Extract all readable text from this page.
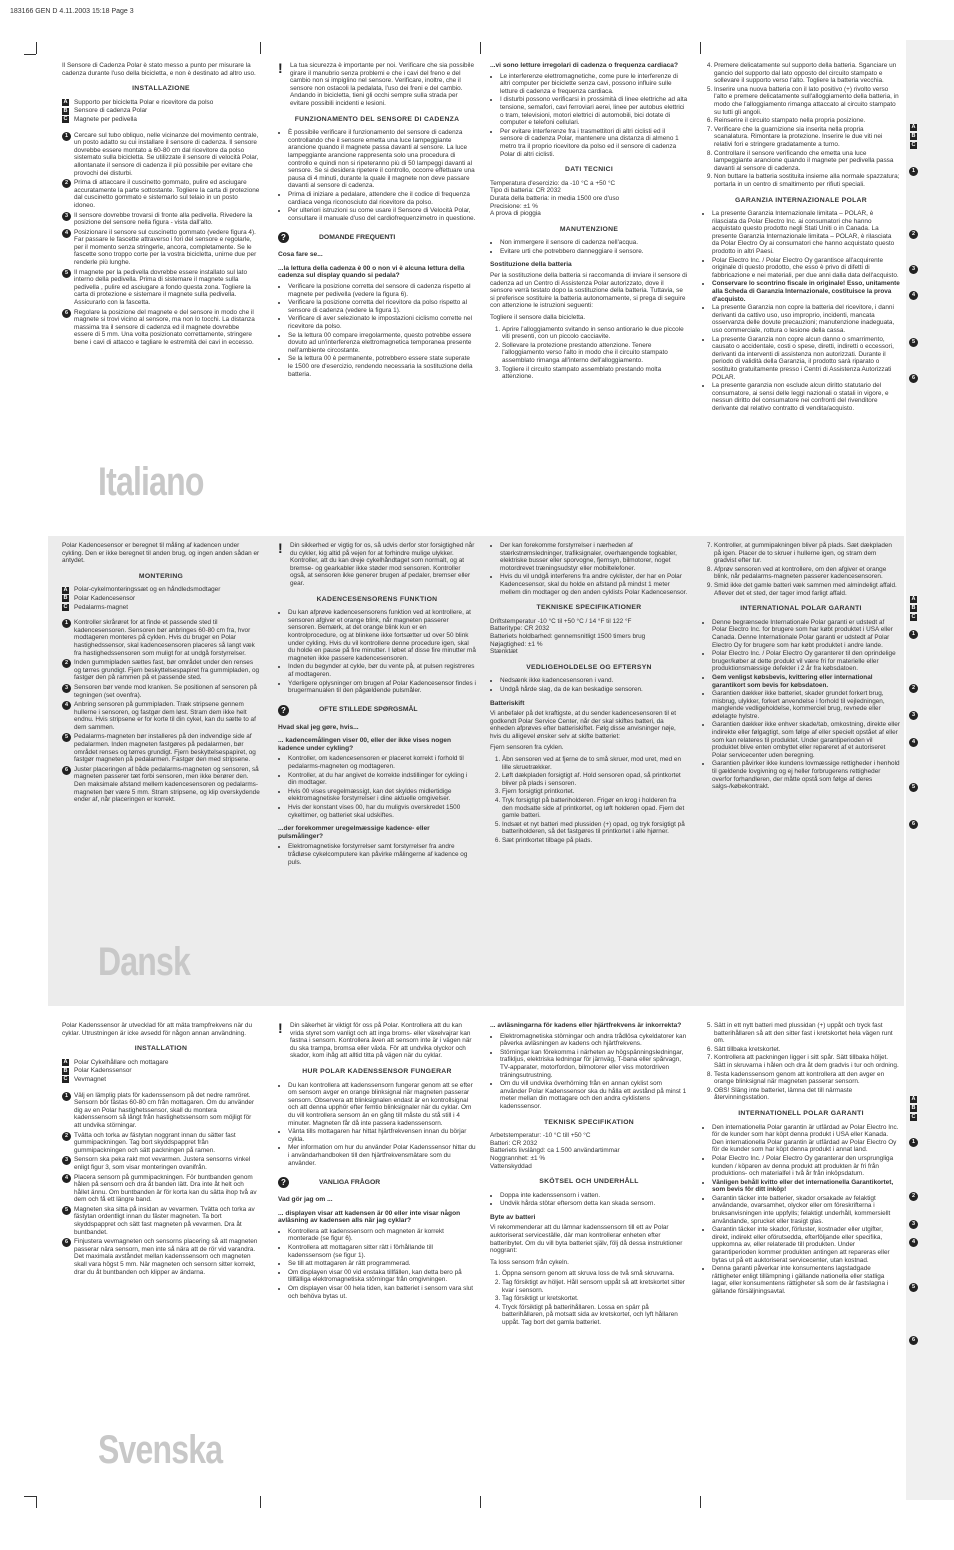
183166 GEN D 4.11.2003 15:18 Page 3

Il Sensore di Cadenza Polar è stato messo a punto per misurare la cadenza durante l'uso della bicicletta, e non è destinato ad altro uso.

INSTALLAZIONE
A Supporto per bicicletta Polar e ricevitore da polso
B Sensore di cadenza Polar
C Magnete per pedivella
1 Cercare sul tubo obliquo, nelle vicinanze del movimento centrale, un posto adatto su cui installare il sensore di cadenza. Il sensore dovrebbe essere montato a 60-80 cm dal ricevitore da polso sistemato sulla bicicletta. Se utilizzate il sensore di velocità Polar, allontanate il sensore di cadenza il più possibile per evitare che provochi dei disturbi.
2 Prima di attaccare il cuscinetto gommato, pulire ed asciugare accuratamente la parte sottostante. Togliere la carta di protezione dal cuscinetto gommato e sistemarlo sul telaio in un posto idoneo.
3 Il sensore dovrebbe trovarsi di fronte alla pedivella. Rivedere la posizione del sensore nella figura - vista dall'alto.
4 Posizionare il sensore sul cuscinetto gommato (vedere figura 4). Far passare le fascette attraverso i fori del sensore e regolarle, per il momento senza stringerle, ancora, completamente. Se le fascette sono troppo corte per la vostra bicicletta, unirne due per renderle più lunghe.
5 Il magnete per la pedivella dovrebbe essere installato sul lato interno della pedivella. Prima di sistemare il magnete sulla pedivella , pulire ed asciugare a fondo questa zona. Togliere la carta di protezione e sistemare il magnete sulla pedivella. Assicurarlo con la fascetta.
6 Regolare la posizione del magnete e del sensore in modo che il magnete si trovi vicino al sensore, ma non lo tocchi. La distanza massima tra il sensore di cadenza ed il magnete dovrebbe essere di 5 mm. Una volta posizionato correttamente, stringere bene i cavi di attacco e tagliare le estremità dei cavi in eccesso.
! La tua sicurezza è importante per noi. Verificare che sia possibile girare il manubrio senza problemi e che i cavi del freno e del cambio non si impiglino nel sensore. Verificare, inoltre, che il sensore non ostacoli la pedalata, l'uso dei freni e del cambio. Andando in bicicletta, tieni gli occhi sempre sulla strada per evitare possibili incidenti e lesioni.
FUNZIONAMENTO DEL SENSORE DI CADENZA
• È possibile verificare il funzionamento del sensore di cadenza controllando che il sensore emetta una luce lampeggiante arancione quando il magnete passa davanti al sensore. La luce lampeggiante arancione rappresenta solo una procedura di controllo e quindi non si ripeteranno più di 50 lampeggi davanti al sensore. Se si desidera ripetere il controllo, occorre effettuare una pausa di 4 minuti, durante la quale il magnete non deve passare davanti al sensore di cadenza.
• Prima di iniziare a pedalare, attendere che il codice di frequenza cardiaca venga riconosciuto dal ricevitore da polso.
• Per ulteriori istruzioni su come usare il Sensore di Velocità Polar, consultare il manuale d'uso del cardiofrequenzimetro in questione.
?	DOMANDE FREQUENTI
Cosa fare se...
...la lettura della cadenza è 00 o non vi è alcuna lettura della cadenza sul display quando si pedala?
• Verificare la posizione corretta del sensore di cadenza rispetto al magnete per pedivella (vedere la figura 6).
• Verificare la posizione corretta del ricevitore da polso rispetto al sensore di cadenza (vedere la figura 1).
• Verificare di aver selezionato le impostazioni ciclismo corrette nel ricevitore da polso.
• Se la lettura 00 compare irregolarmente, questo potrebbe essere dovuto ad un'interferenza elettromagnetica temporanea presente nell'ambiente circostante.
• Se la lettura 00 è permanente, potrebbero essere state superate le 1500 ore d'esercizio, rendendo necessaria la sostituzione della batteria.
...vi sono letture irregolari di cadenza o frequenza cardiaca?
• Le interferenze elettromagnetiche, come pure le interferenze di altri computer per biciclette senza cavi, possono influire sulle letture di cadenza e frequenza cardiaca.
• I disturbi possono verificarsi in prossimità di linee elettriche ad alta tensione, semafori, cavi ferroviari aerei, linee per autobus elettrici o tram, televisioni, motori elettrici di automobili, bici dotate di computer e telefoni cellulari.
• Per evitare interferenze fra i trasmettitori di altri ciclisti ed il sensore di cadenza Polar, mantenere una distanza di almeno 1 metro tra il proprio ricevitore da polso ed il sensore di cadenza Polar di altri ciclisti.
DATI TECNICI
Temperatura d'esercizio: da -10 °C a +50 °C
Tipo di batteria: CR 2032
Durata della batteria: in media 1500 ore d'uso
Precisione: ±1 %
A prova di pioggia
MANUTENZIONE
• Non immergere il sensore di cadenza nell'acqua.
• Evitare urti che potrebbero danneggiare il sensore.
Sostituzione della batteria

Per la sostituzione della batteria si raccomanda di inviare il sensore di cadenza ad un Centro di Assistenza Polar autorizzato, dove il sensore verrà testato dopo la sostituzione della batteria. Tuttavia, se si preferisce sostituire la batteria autonomamente, si prega di seguire con attenzione le istruzioni seguenti:

Togliere il sensore dalla bicicletta.

1. Aprire l'alloggiamento svitando in senso antiorario le due piccole viti presenti, con un piccolo cacciavite.
2. Sollevare la protezione prestando attenzione. Tenere l'alloggiamento verso l'alto in modo che il circuito stampato assemblato rimanga all'interno dell'alloggiamento.
3. Togliere il circuito stampato assemblato prestando molta attenzione.
4. Premere delicatamente sul supporto della batteria. Sganciare un gancio del supporto dal lato opposto del circuito stampato e sollevare il supporto verso l'alto. Togliere la batteria vecchia.
5. Inserire una nuova batteria con il lato positivo (+) rivolto verso l'alto e premere delicatamente sull'alloggiamento della batteria, in modo che l'alloggiamento rimanga attaccato al circuito stampato su tutti gli angoli.
6. Reinserire il circuito stampato nella propria posizione.
7. Verificare che la guarnizione sia inserita nella propria scanalatura. Rimontare la protezione. Inserire le due viti nei relativi fori e stringere gradatamente a turno.
8. Controllare il sensore verificando che emetta una luce lampeggiante arancione quando il magnete per pedivella passa davanti al sensore di cadenza.
9. Non buttare la batteria sostituita insieme alla normale spazzatura; portarla in un centro di smaltimento per rifiuti speciali.
GARANZIA INTERNAZIONALE POLAR
• La presente Garanzia Internazionale limitata – POLAR, è rilasciata da Polar Electro Inc. ai consumatori che hanno acquistato questo prodotto negli Stati Uniti o in Canada. La presente Garanzia Internazionale limitata – POLAR, è rilasciata da Polar Electro Oy ai consumatori che hanno acquistato questo prodotto in altri Paesi.
• Polar Electro Inc. / Polar Electro Oy garantisce all'acquirente originale di questo prodotto, che esso è privo di difetti di fabbricazione e nei materiali, per due anni dalla data dell'acquisto.
• Conservare lo scontrino fiscale in originale! Esso, unitamente alla Scheda di Garanzia Internazionale, costituisce la prova d'acquisto.
• La presente Garanzia non copre la batteria del ricevitore, i danni derivanti da cattivo uso, uso improprio, incidenti, mancata osservanza delle dovute precauzioni; manutenzione inadeguata, uso commerciale, rottura o lesione della cassa.
• La presente Garanzia non copre alcun danno o smarrimento, causato o accidentale, costi o spese, diretti, indiretti o eccessori, derivanti da interventi di assistenza non autorizzati. Durante il periodo di validità della Garanzia, il prodotto sarà riparato o sostituito gratuitamente presso i Centri di Assistenza Autorizzati POLAR.
• La presente garanzia non esclude alcun diritto statutario del consumatore, ai sensi delle leggi nazionali o statali in vigore, e nessun diritto del consumatore nei confronti del rivenditore derivante dal relativo contratto di vendita/acquisto.
Italiano

Polar Kadencesensor er beregnet til måling af kadencen under cykling. Den er ikke beregnet til anden brug, og ingen anden sådan er antydet.

MONTERING
A Polar-cykelmonteringssæt og en håndledsmodtager
B Polar Kadencesensor
C Pedalarms-magnet
1 Kontroller skrårøret for at finde et passende sted til kadencesensoren. Sensoren bør anbringes 60-80 cm fra, hvor modtageren monteres på cyklen. Hvis du bruger en Polar hastighedssensor, skal kadencesensoren placeres så langt væk fra hastighedssensoren som muligt for at undgå forstyrrelser.
2 Inden gummipladen sættes fast, bør området under den renses og tørres grundigt. Fjern beskyttelsespapiret fra gummipladen, og fastgør den på rammen på et passende sted.
3 Sensoren bør vende mod kranken. Se positionen af sensoren på tegningen (set ovenfra).
4 Anbring sensoren på gummipladen. Træk stripsene gennem hullerne i sensoren, og fastgør dem løst. Stram dem ikke helt endnu. Hvis stripsene er for korte til din cykel, kan du sætte to af dem sammen.
5 Pedalarms-magneten bør installeres på den indvendige side af pedalarmen. Inden magneten fastgøres på pedalarmen, bør området renses og tørres grundigt. Fjern beskyttelsespapiret, og fastgør magneten på pedalarmen. Fastgør den med stripsene.
6 Juster placeringen af både pedalarms-magneten og sensoren, så magneten passerer tæt forbi sensoren, men ikke berører den. Den maksimale afstand mellem kadencesensoren og pedalarms-magneten bør være 5 mm. Stram stripsene, og klip overskydende ender af, når placeringen er korrekt.
! Din sikkerhed er vigtig for os, så udvis derfor stor forsigtighed når du cykler, kig altid på vejen for at forhindre mulige ulykker. Kontroller, att du kan dreje cykelhåndtaget som normalt, og at bremse- og gearkabler ikke støder mod sensoren. Kontroller også, at sensoren ikke generer brugen af pedaler, bremser eller gear.
KADENCESENSORENS FUNKTION
• Du kan afprøve kadencesensorens funktion ved at kontrollere, at sensoren afgiver et orange blink, når magneten passerer sensoren. Bemærk, at det orange blink kun er en kontrolprocedure, og at blinkene ikke fortsætter ud over 50 blink under cykling. Hvis du vil kontrollere denne procedure igen, skal du holde en pause på fire minutter. I løbet af disse fire minutter må magneten ikke passere kadencesensoren.
• Inden du begynder at cykle, bør du vente på, at pulsen registreres af modtageren.
• Yderligere oplysninger om brugen af Polar Kadencesensor findes i brugermanualen til den pågældende pulsmåler.
?	OFTE STILLEDE SPØRGSMÅL
Hvad skal jeg gøre, hvis...
... kadencemålingen viser 00, eller der ikke vises nogen kadence under cykling?
• Kontroller, om kadencesensoren er placeret korrekt i forhold til pedalarms-magneten og modtageren.
• Kontroller, at du har angivet de korrekte indstillinger for cykling i din modtager.
• Hvis 00 vises uregelmæssigt, kan det skyldes midlertidige elektromagnetiske forstyrrelser i dine aktuelle omgivelser.
• Hvis der konstant vises 00, har du muligvis overskredet 1500 cykeltimer, og batteriet skal udskiftes.
...der forekommer uregelmæssige kadence- eller pulsmålinger?
• Elektromagnetiske forstyrrelser samt forstyrrelser fra andre trådløse cykelcomputere kan påvirke målingerne af kadence og puls.
• Der kan forekomme forstyrrelser i nærheden af stærkstrømsledninger, trafiksignaler, overhængende togkabler, elektriske busser eller sporvogne, fjernsyn, bilmotorer, noget motordrevet træningsudstyr eller mobiltelefoner.
• Hvis du vil undgå interferens fra andre cyklister, der har en Polar Kadencesensor, skal du holde en afstand på mindst 1 meter mellem din modtager og den anden cyklists Polar Kadencesensor.
TEKNISKE SPECIFIKATIONER
Driftstemperatur -10 °C til +50 °C / 14 °F til 122 °F
Batteritype: CR 2032
Batteriets holdbarhed: gennemsnitligt 1500 timers brug
Nøjagtighed: ±1 %
Stænktæt
VEDLIGEHOLDELSE OG EFTERSYN
• Nedsænk ikke kadencesensoren i vand.
• Undgå hårde slag, da de kan beskadige sensoren.
Batteriskift

Vi anbefaler på det kraftigste, at du sender kadencesensoren til et godkendt Polar Service Center, når der skal skiftes batteri, da enheden afprøves efter batteriskiftet. Følg disse anvisninger nøje, hvis du alligevel ønsker selv at skifte batteriet:

Fjern sensoren fra cyklen.

1. Åbn sensoren ved at fjerne de to små skruer, mod uret, med en lille skruetrækker.
2. Løft dækpladen forsigtigt af. Hold sensoren opad, så printkortet bliver på plads i sensoren.
3. Fjern forsigtigt printkortet.
4. Tryk forsigtigt på batteriholderen. Frigør en krog i holderen fra den modsatte side af printkortet, og løft holderen opad. Fjern det gamle batteri.
5. Indsæt et nyt batteri med plussiden (+) opad, og tryk forsigtigt på batteriholderen, så det fastgøres til printkortet i alle hjørner.
6. Sæt printkortet tilbage på plads.
7. Kontroller, at gummipakningen bliver på plads. Sæt dækpladen på igen. Placer de to skruer i hullerne igen, og stram dem gradvist efter tur.
8. Afprøv sensoren ved at kontrollere, om den afgiver et orange blink, når pedalarms-magneten passerer kadencesensoren.
9. Smid ikke det gamle batteri væk sammen med almindeligt affald. Aflever det et sted, der tager imod farligt affald.
INTERNATIONAL POLAR GARANTI
• Denne begrænsede Internationale Polar garanti er udstedt af Polar Electro Inc. for brugere som har købt produktet i USA eller Canada. Denne Internationale Polar garanti er udstedt af Polar Electro Oy for brugere som har købt produktet i andre lande.
• Polar Electro Inc. / Polar Electro Oy garanterer til den oprindelige bruger/køber at dette produkt vil være fri for materielle eller produktionsmæssige defekter i 2 år fra købsdatoen.
• Gem venligst købsbevis, kvittering eller international garantikort som bevis for købsdatoen.
• Garantien dækker ikke batteriet, skader grundet forkert brug, misbrug, ulykker, forkert anvendelse i forhold til vejledningen, manglende vedligeholdelse, kommerciel brug, revnede eller ødelagte hylstre.
• Garantien dækker ikke enhver skade/tab, omkostning, direkte eller indirekte eller følgagtigt, som følge af eller specielt opstået af eller som kan relateres til produktet. Under garantiperioden vil produktet blive enten ombyttet eller repareret af et autoriseret Polar servicecenter uden beregning.
• Garantien påvirker ikke kundens lovmæssige rettigheder i henhold til gældende lovgivning og ej heller forbrugerens rettigheder overfor forhandleren, der måtte opstå som følge af deres salgs-/købekontrakt.
Dansk

Polar Kadenssensor är utvecklad för att mäta trampfrekvens när du cyklar. Utrustningen är icke avsedd för någon annan användning.

INSTALLATION
A Polar Cykelhållare och mottagare
B Polar Kadenssensor
C Vevmagnet
1 Välj en lämplig plats för kadenssensorn på det nedre ramröret. Sensorn bör fästas 60-80 cm från mottagaren. Om du använder dig av en Polar hastighetssensor, skall du montera kadenssensorn så långt från hastighetssensorn som möjligt för att undvika störningar.
2 Tvätta och torka av fästytan noggrant innan du sätter fast gummipackningen. Tag bort skyddspappret från gummipackningen och sätt packningen på ramen.
3 Sensorn ska peka rakt mot vevarmen. Justera sensorns vinkel enligt figur 3, som visar monteringen ovanifrån.
4 Placera sensorn på gummipackningen. För buntbanden genom hålen på sensorn och dra åt banden lätt. Dra inte åt helt och hållet ännu. Om buntbanden är för korta kan du sätta ihop två av dem och få ett längre band.
5 Magneten ska sitta på insidan av vevarmen. Tvätta och torka av fästytan ordentligt innan du fäster magneten. Ta bort skyddspappret och sätt fast magneten på vevarmen. Dra åt buntbandet.
6 Finjustera vevmagneten och sensorns placering så att magneten passerar nära sensorn, men inte så nära att de rör vid varandra. Det maximala avståndet mellan kadenssensorn och magneten skall vara högst 5 mm. När magneten och sensorn sitter korrekt, drar du åt buntbanden och klipper av ändarna.
! Din säkerhet är viktigt för oss på Polar. Kontrollera att du kan vrida styret som vanligt och att inga broms- eller växelvajrar kan fastna i sensorn. Kontrollera även att sensorn inte är i vägen när du ska trampa, bromsa eller växla. För att undvika olyckor och skador, kom ihåg att alltid titta på vägen när du cyklar.
HUR POLAR KADENSSENSOR FUNGERAR
• Du kan kontrollera att kadenssensorn fungerar genom att se efter om sensorn avger en orange blinksignal när magneten passerar sensorn. Observera att blinksignalen endast är en kontrollsignal och att denna upphör efter femtio blinksignaler när du cyklar. Om du vill kontrollera sensorn än en gång till måste du stå still i 4 minuter. Magneten får då inte passera kadenssensorn.
• Vänta tills mottagaren har hittat hjärtfrekvensen innan du börjar cykla.
• Mer information om hur du använder Polar Kadenssensor hittar du i användarhandboken till den hjärtfrekvensmätare som du använder.
?	VANLIGA FRÅGOR
Vad gör jag om ...
... displayen visar att kadensen är 00 eller inte visar någon avläsning av kadensen alls när jag cyklar?
• Kontrollera att kadenssensorn och magneten är korrekt monterade (se figur 6).
• Kontrollera att mottagaren sitter rätt i förhållande till kadenssensorn (se figur 1).
• Se till att mottagaren är rätt programmerad.
• Om displayen visar 00 vid enstaka tillfällen, kan detta bero på tillfälliga elektromagnetiska störningar från omgivningen.
• Om displayen visar 00 hela tiden, kan batteriet i sensorn vara slut och behöva bytas ut.
... avläsningarna för kadens eller hjärtfrekvens är inkorrekta?
• Elektromagnetiska störningar och andra trådlösa cykeldatorer kan påverka avläsningen av kadens och hjärtfrekvens.
• Störningar kan förekomma i närheten av högspänningsledningar, trafikljus, elektriska ledningar för järnväg, T-bana eller spårvagn, TV-apparater, motorfordon, bilmotorer eller viss motordriven träningsutrustning.
• Om du vill undvika överhörning från en annan cyklist som använder Polar Kadenssensor ska du hålla ett avstånd på minst 1 meter mellan din mottagare och den andra cyklistens kadenssensor.
TEKNISK SPECIFIKATION
Arbetstemperatur: -10 °C till +50 °C
Batteri: CR 2032
Batteriets livslängd: ca 1.500 användartimmar
Noggrannhet: ±1 %
Vattenskyddad
SKÖTSEL OCH UNDERHÅLL
• Doppa inte kadenssensorn i vatten.
• Undvik hårda stötar eftersom detta kan skada sensorn.
Byte av batteri

Vi rekommenderar att du lämnar kadenssensorn till ett av Polar auktoriserat serviceställe, där man kontrollerar enheten efter batteribytet. Om du vill byta batteriet själv, följ då dessa instruktioner noggrant:

Ta loss sensorn från cykeln.

1. Öppna sensorn genom att skruva loss de två små skruvarna.
2. Tag försiktigt av höljet. Håll sensorn uppåt så att kretskortet sitter kvar i sensorn.
3. Tag försiktigt ur kretskortet.
4. Tryck försiktigt på batterihållaren. Lossa en spärr på batterihållaren, på motsatt sida av kretskortet, och lyft hållaren uppåt. Tag bort det gamla batteriet.
5. Sätt in ett nytt batteri med plussidan (+) uppåt och tryck fast batterihållaren så att den sitter fast i kretskortet hela vägen runt om.
6. Sätt tillbaka kretskortet.
7. Kontrollera att packningen ligger i sitt spår. Sätt tillbaka höljet. Sätt in skruvarna i hålen och dra åt dem gradvis i tur och ordning.
8. Testa kadenssensorn genom att kontrollera att den avger en orange blinksignal när magneten passerar sensorn.
9. OBS! Släng inte batteriet, lämna det till närmaste återvinningsstation.
INTERNATIONELL POLAR GARANTI
• Den internationella Polar garantin är utfärdad av Polar Electro Inc. för de kunder som har köpt denna produkt i USA eller Kanada. Den internationella Polar garantin är utfärdad av Polar Electro Oy för de kunder som har köpt denna produkt i annat land.
• Polar Electro Inc. / Polar Electro Oy garanterar den ursprungliga kunden / köparen av denna produkt att produkten är fri från produktions- och materialfel i två år från inköpsdatum.
• Vänligen behåll kvitto eller det internationella Garantikortet, som bevis för ditt inköp!
• Garantin täcker inte batterier, skador orsakade av felaktigt användande, ovarsamhet, olyckor eller om föreskrifterna i bruksanvisningen inte uppfylls; felaktigt underhåll, kommersiellt användande, sprucket eller trasigt glas.
• Garantin täcker inte skador, förluster, kostnader eller utgifter, direkt, indirekt eller oförutsedda, efterföljande eller specifika, uppkomna av, eller relaterade till produkten. Under garantiperioden kommer produkten antingen att repareras eller bytas ut på ett auktoriserat servicecenter, utan kostnad.
• Denna garanti påverkar inte konsumentens lagstadgade rättigheter enligt tillämpning i gällande nationella eller statliga lagar, eller konsumentens rättigheter så som de är fastslagna i gällande försäljningsavtal.
Svenska
A
B
C
1
2
3
4
5
6
A
B
C
1
2
3
4
5
6
A
B
C
1
2
3
4
5
6
